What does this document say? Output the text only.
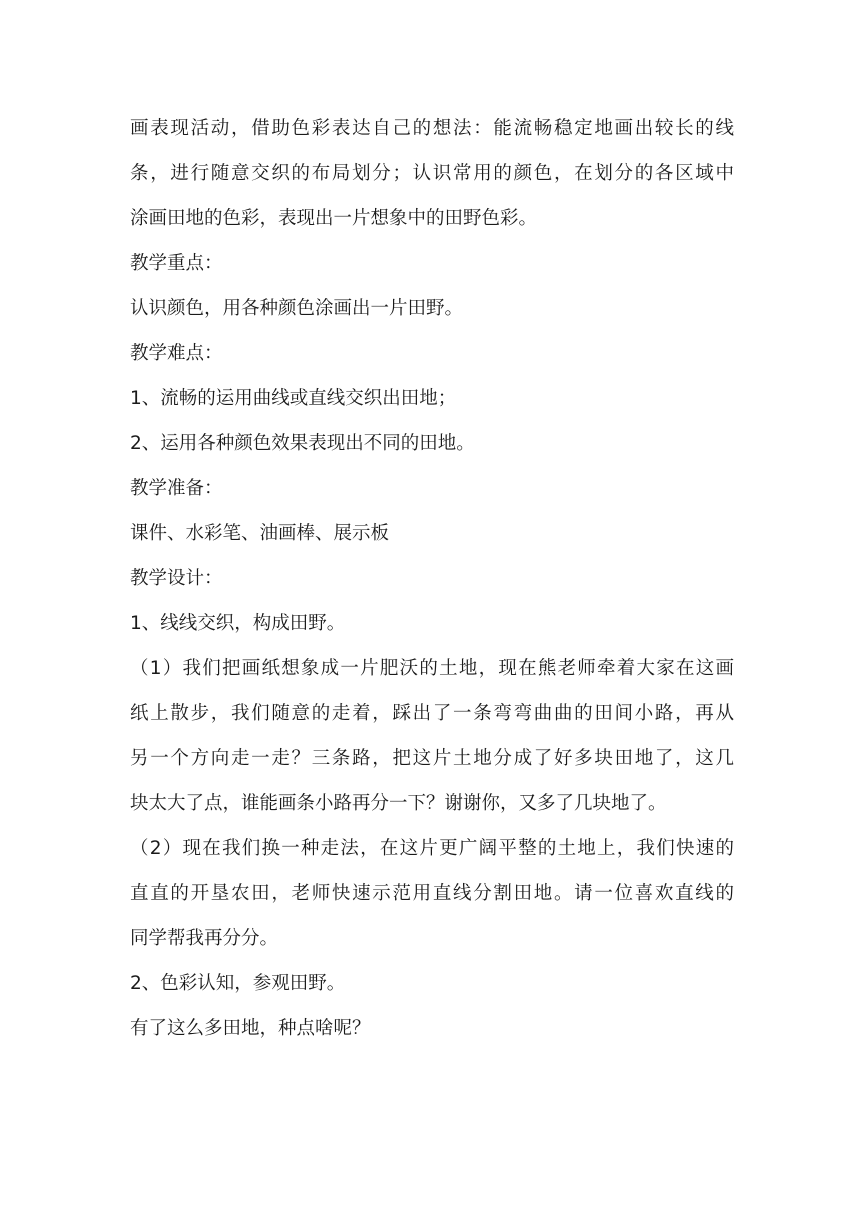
画表现活动，借助色彩表达自己的想法：能流畅稳定地画出较长的线
条，进行随意交织的布局划分；认识常用的颜色，在划分的各区域中
涂画田地的色彩，表现出一片想象中的田野色彩。
教学重点：
认识颜色，用各种颜色涂画出一片田野。
教学难点：
1、流畅的运用曲线或直线交织出田地；
2、运用各种颜色效果表现出不同的田地。
教学准备：
课件、水彩笔、油画棒、展示板
教学设计：
1、线线交织，构成田野。
（1）我们把画纸想象成一片肥沃的土地，现在熊老师牵着大家在这画
纸上散步，我们随意的走着，踩出了一条弯弯曲曲的田间小路，再从
另一个方向走一走？三条路，把这片土地分成了好多块田地了，这几
块太大了点，谁能画条小路再分一下？谢谢你，又多了几块地了。
（2）现在我们换一种走法，在这片更广阔平整的土地上，我们快速的
直直的开垦农田，老师快速示范用直线分割田地。请一位喜欢直线的
同学帮我再分分。
2、色彩认知，参观田野。
有了这么多田地，种点啥呢？
